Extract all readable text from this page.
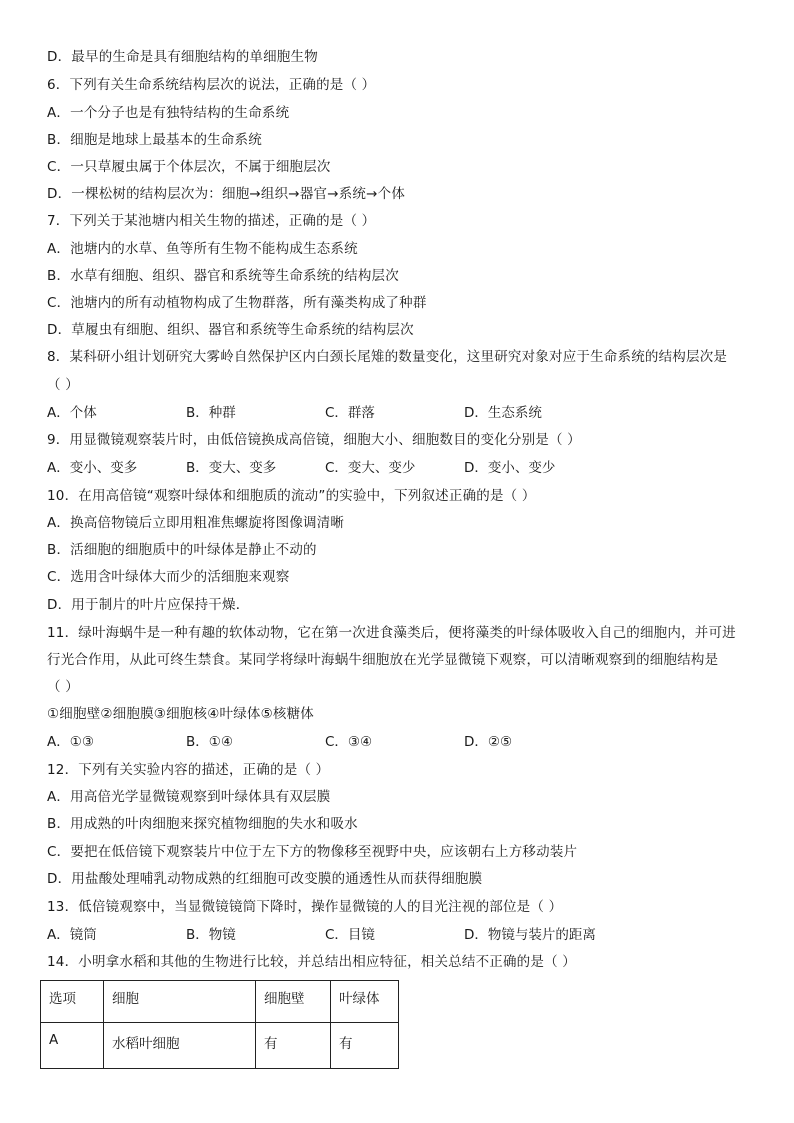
D．最早的生命是具有细胞结构的单细胞生物
6．下列有关生命系统结构层次的说法，正确的是（ ）
A．一个分子也是有独特结构的生命系统
B．细胞是地球上最基本的生命系统
C．一只草履虫属于个体层次，不属于细胞层次
D．一棵松树的结构层次为：细胞→组织→器官→系统→个体
7．下列关于某池塘内相关生物的描述，正确的是（ ）
A．池塘内的水草、鱼等所有生物不能构成生态系统
B．水草有细胞、组织、器官和系统等生命系统的结构层次
C．池塘内的所有动植物构成了生物群落，所有藻类构成了种群
D．草履虫有细胞、组织、器官和系统等生命系统的结构层次
8．某科研小组计划研究大雾岭自然保护区内白颈长尾雉的数量变化，这里研究对象对应于生命系统的结构层次是
（ ）
A．个体	B．种群	C．群落	D．生态系统
9．用显微镜观察装片时，由低倍镜换成高倍镜，细胞大小、细胞数目的变化分别是（ ）
A．变小、变多	B．变大、变多	C．变大、变少	D．变小、变少
10．在用高倍镜“观察叶绿体和细胞质的流动”的实验中，下列叙述正确的是（ ）
A．换高倍物镜后立即用粗准焦螺旋将图像调清晰
B．活细胞的细胞质中的叶绿体是静止不动的
C．选用含叶绿体大而少的活细胞来观察
D．用于制片的叶片应保持干燥．
11．绿叶海蜗牛是一种有趣的软体动物，它在第一次进食藻类后，便将藻类的叶绿体吸收入自己的细胞内，并可进
行光合作用，从此可终生禁食。某同学将绿叶海蜗牛细胞放在光学显微镜下观察，可以清晰观察到的细胞结构是
（ ）
①细胞壁②细胞膜③细胞核④叶绿体⑤核糖体
A．①③	B．①④	C．③④	D．②⑤
12．下列有关实验内容的描述，正确的是（ ）
A．用高倍光学显微镜观察到叶绿体具有双层膜
B．用成熟的叶肉细胞来探究植物细胞的失水和吸水
C．要把在低倍镜下观察装片中位于左下方的物像移至视野中央，应该朝右上方移动装片
D．用盐酸处理哺乳动物成熟的红细胞可改变膜的通透性从而获得细胞膜
13．低倍镜观察中，当显微镜镜筒下降时，操作显微镜的人的目光注视的部位是（ ）
A．镜筒	B．物镜	C．目镜	D．物镜与装片的距离
14．小明拿水稻和其他的生物进行比较，并总结出相应特征，相关总结不正确的是（ ）
选项	细胞	细胞壁	叶绿体
A	水稻叶细胞	有	有
